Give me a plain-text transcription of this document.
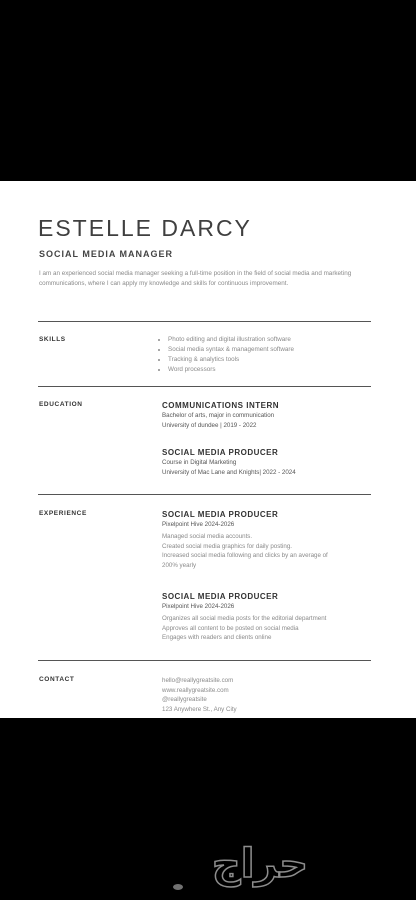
ESTELLE DARCY
SOCIAL MEDIA MANAGER
I am an experienced social media manager seeking a full-time position in the field of social media and marketing communications, where I can apply my knowledge and skills for continuous improvement.
SKILLS
•	Photo editing and digital illustration software
• Social media syntax & management software
• Tracking & analytics tools
• Word processors
EDUCATION	COMMUNICATIONS INTERN
Bachelor of arts, major in communication
University of dundee | 2019 - 2022
SOCIAL MEDIA PRODUCER
Course in Digital Marketing
University of Mac Lane and Knights| 2022 - 2024
EXPERIENCE	SOCIAL MEDIA PRODUCER
Pixelpoint Hive 2024-2026
Managed social media accounts.
Created social media graphics for daily posting.
Increased social media following and clicks by an average of
200% yearly
SOCIAL MEDIA PRODUCER
Pixelpoint Hive 2024-2026
Organizes all social media posts for the editorial department
Approves all content to be posted on social media
Engages with readers and clients online
CONTACT	hello@reallygreatsite.com
www.reallygreatsite.com
@reallygreatsite
123 Anywhere St., Any City
حراج
